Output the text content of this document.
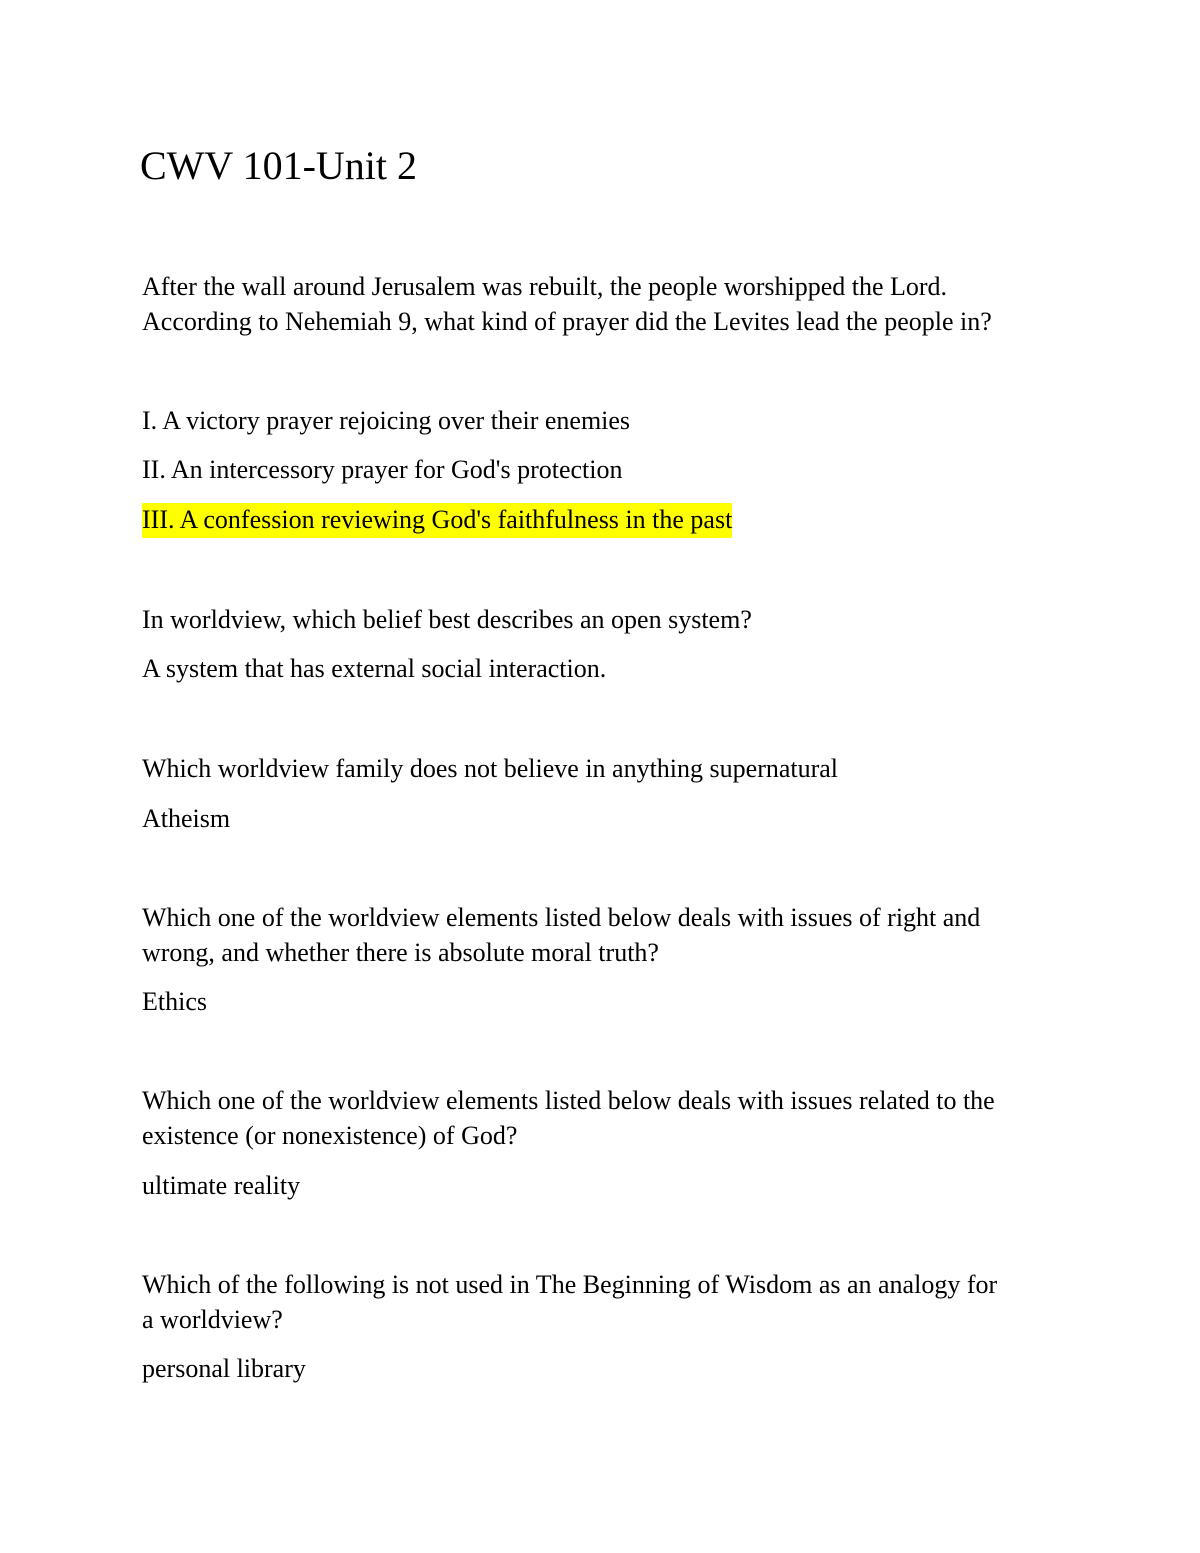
CWV 101-Unit 2

After the wall around Jerusalem was rebuilt, the people worshipped the Lord.

According to Nehemiah 9, what kind of prayer did the Levites lead the people in?

I. A victory prayer rejoicing over their enemies

II. An intercessory prayer for God's protection

III. A confession reviewing God's faithfulness in the past

In worldview, which belief best describes an open system?

A system that has external social interaction.

Which worldview family does not believe in anything supernatural

Atheism

Which one of the worldview elements listed below deals with issues of right and

wrong, and whether there is absolute moral truth?

Ethics

Which one of the worldview elements listed below deals with issues related to the

existence (or nonexistence) of God?

ultimate reality

Which of the following is not used in The Beginning of Wisdom as an analogy for

a worldview?

personal library
